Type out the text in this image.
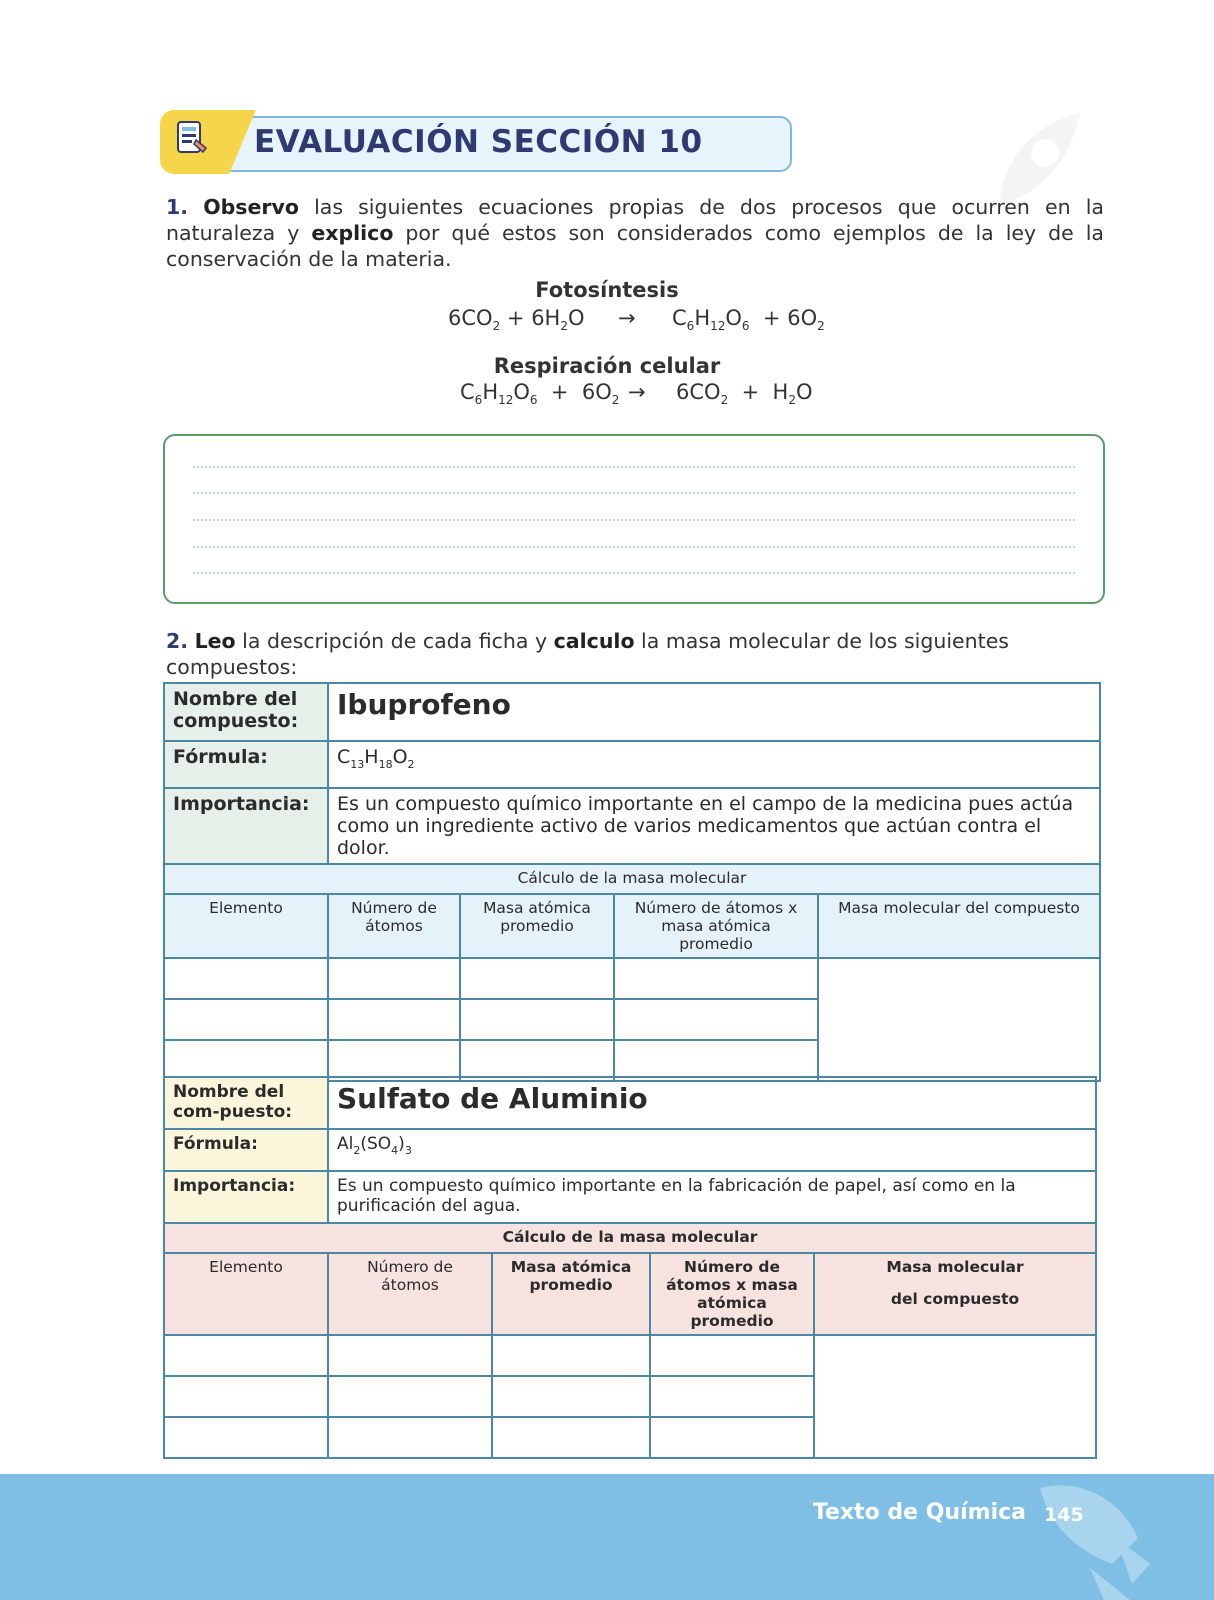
EVALUACIÓN SECCIÓN 10
1. Observo las siguientes ecuaciones propias de dos procesos que ocurren en la naturaleza y explico por qué estos son considerados como ejemplos de la ley de la conservación de la materia.
Fotosíntesis
$6CO_2 + 6H_2O \to C_6H_{12}O_6 + 6O_2$
Respiración celular
$C_6H_{12}O_6 + 6O_2 \to 6CO_2 + H_2O$
2. Leo la descripción de cada ficha y calculo la masa molecular de los siguientes compuestos:
Nombre del compuesto:	Ibuprofeno			
Fórmula:	$C_{13}H_{18}O_2$
Importancia:	Es un compuesto químico importante en el campo de la medicina pues actúa como un ingrediente activo de varios medicamentos que actúan contra el dolor.			
Cálculo de la masa molecular				
Elemento	Número de átomos	Masa atómica promedio	Número de átomos x masa atómica promedio	Masa molecular del compuesto

Nombre del com-puesto:	Sulfato de Aluminio			
Fórmula:	$Al_2(SO_4)_3$
Importancia:	Es un compuesto químico importante en la fabricación de papel, así como en la purificación del agua.			
Cálculo de la masa molecular				
Elemento	Número de átomos	Masa atómica promedio	Número de átomos x masa atómica promedio	Masa molecular
del compuesto

Texto de Química 145
